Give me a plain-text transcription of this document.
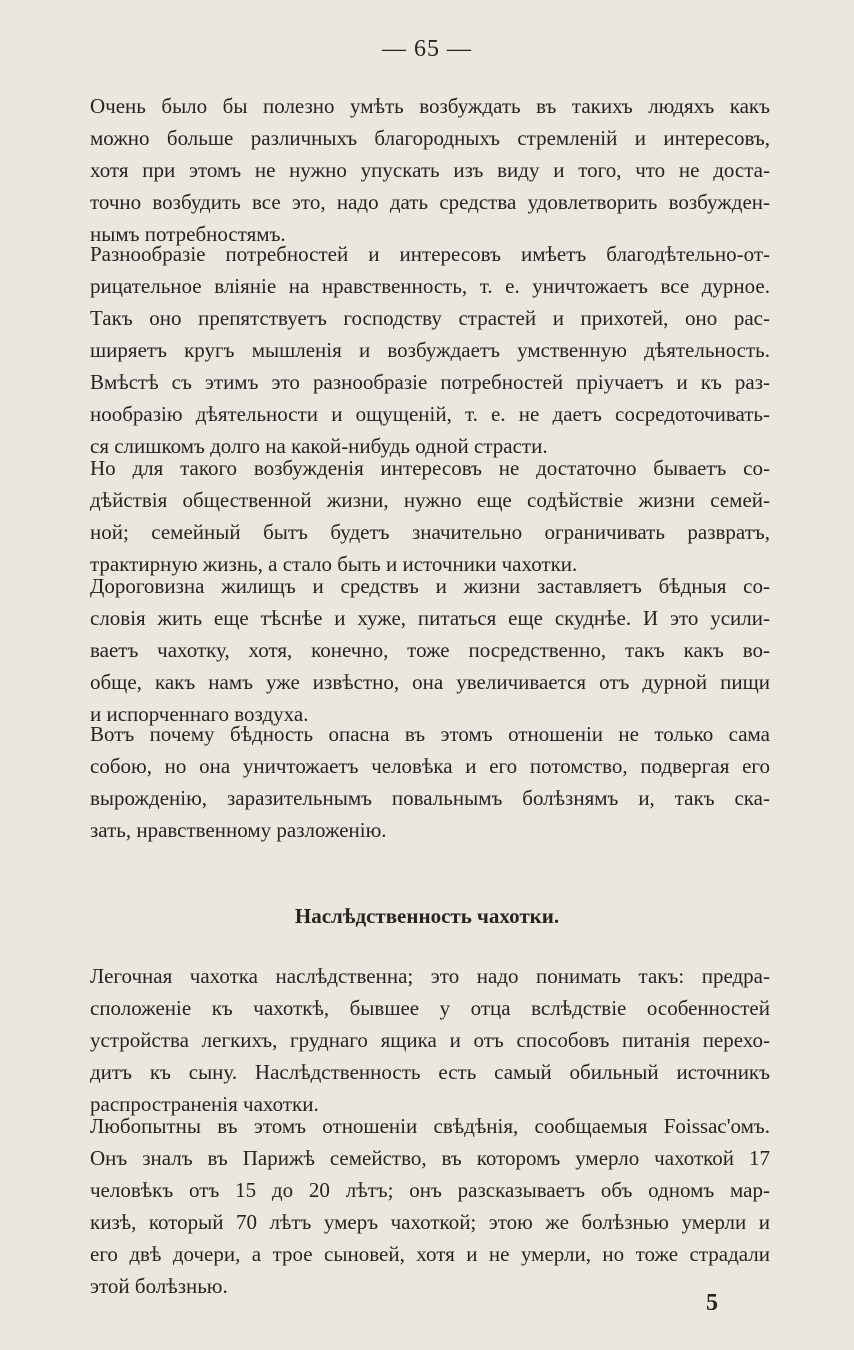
— 65 —
Очень было бы полезно умѣть возбуждать въ такихъ людяхъ какъ
можно больше различныхъ благородныхъ стремленій и интересовъ,
хотя при этомъ не нужно упускать изъ виду и того, что не доста-
точно возбудить все это, надо дать средства удовлетворить возбужден-
нымъ потребностямъ.
Разнообразіе потребностей и интересовъ имѣетъ благодѣтельно-от-
рицательное вліяніе на нравственность, т. е. уничтожаетъ все дурное.
Такъ оно препятствуетъ господству страстей и прихотей, оно рас-
ширяетъ кругъ мышленія и возбуждаетъ умственную дѣятельность.
Вмѣстѣ съ этимъ это разнообразіе потребностей пріучаетъ и къ раз-
нообразію дѣятельности и ощущеній, т. е. не даетъ сосредоточивать-
ся слишкомъ долго на какой-нибудь одной страсти.
Но для такого возбужденія интересовъ не достаточно бываетъ со-
дѣйствія общественной жизни, нужно еще содѣйствіе жизни семей-
ной; семейный бытъ будетъ значительно ограничивать развратъ,
трактирную жизнь, а стало быть и источники чахотки.
Дороговизна жилищъ и средствъ и жизни заставляетъ бѣдныя со-
словія жить еще тѣснѣе и хуже, питаться еще скуднѣе. И это усили-
ваетъ чахотку, хотя, конечно, тоже посредственно, такъ какъ во-
обще, какъ намъ уже извѣстно, она увеличивается отъ дурной пищи
и испорченнаго воздуха.
Вотъ почему бѣдность опасна въ этомъ отношеніи не только сама
собою, но она уничтожаетъ человѣка и его потомство, подвергая его
вырожденію, заразительнымъ повальнымъ болѣзнямъ и, такъ ска-
зать, нравственному разложенію.
Наслѣдственность чахотки.
Легочная чахотка наслѣдственна; это надо понимать такъ: предра-
сположеніе къ чахоткѣ, бывшее у отца вслѣдствіе особенностей
устройства легкихъ, груднаго ящика и отъ способовъ питанія перехо-
дитъ къ сыну. Наслѣдственность есть самый обильный источникъ
распространенія чахотки.
Любопытны въ этомъ отношеніи свѣдѣнія, сообщаемыя Foissac'омъ.
Онъ зналъ въ Парижѣ семейство, въ которомъ умерло чахоткой 17
человѣкъ отъ 15 до 20 лѣтъ; онъ разсказываетъ объ одномъ мар-
кизѣ, который 70 лѣтъ умеръ чахоткой; этою же болѣзнью умерли и
его двѣ дочери, а трое сыновей, хотя и не умерли, но тоже страдали
этой болѣзнью.
5
